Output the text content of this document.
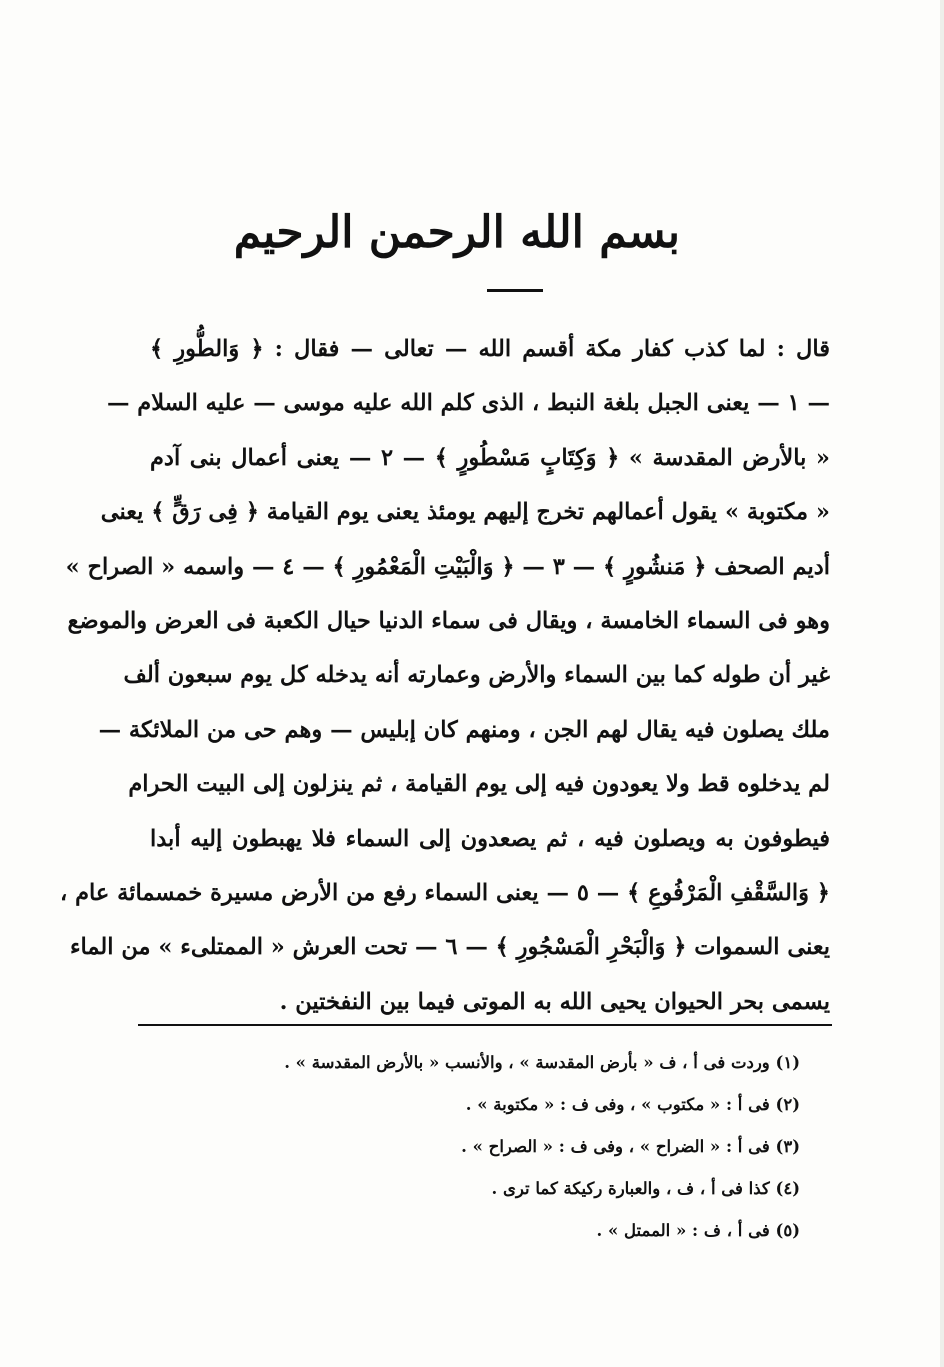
بسم الله الرحمن الرحيم
قال : لما كذب كفار مكة أقسم الله — تعالى — فقال : ﴿ وَالطُّورِ ﴾
— ١ — يعنى الجبل بلغة النبط ، الذى كلم الله عليه موسى — عليه السلام —
« بالأرض المقدسة » ﴿ وَكِتَابٍ مَسْطُورٍ ﴾ — ٢ — يعنى أعمال بنى آدم
« مكتوبة » يقول أعمالهم تخرج إليهم يومئذ يعنى يوم القيامة ﴿ فِى رَقٍّ ﴾ يعنى
أديم الصحف ﴿ مَنشُورٍ ﴾ — ٣ — ﴿ وَالْبَيْتِ الْمَعْمُورِ ﴾ — ٤ — واسمه « الصراح »
وهو فى السماء الخامسة ، ويقال فى سماء الدنيا حيال الكعبة فى العرض والموضع
غير أن طوله كما بين السماء والأرض وعمارته أنه يدخله كل يوم سبعون ألف
ملك يصلون فيه يقال لهم الجن ، ومنهم كان إبليس — وهم حى من الملائكة —
لم يدخلوه قط ولا يعودون فيه إلى يوم القيامة ، ثم ينزلون إلى البيت الحرام
فيطوفون به ويصلون فيه ، ثم يصعدون إلى السماء فلا يهبطون إليه أبدا
﴿ وَالسَّقْفِ الْمَرْفُوعِ ﴾ — ٥ — يعنى السماء رفع من الأرض مسيرة خمسمائة عام ،
يعنى السموات ﴿ وَالْبَحْرِ الْمَسْجُورِ ﴾ — ٦ — تحت العرش « الممتلىء » من الماء
يسمى بحر الحيوان يحيى الله به الموتى فيما بين النفختين .
(١) وردت فى أ ، ف « بأرض المقدسة » ، والأنسب « بالأرض المقدسة » .
(٢) فى أ : « مكتوب » ، وفى ف : « مكتوبة » .
(٣) فى أ : « الضراح » ، وفى ف : « الصراح » .
(٤) كذا فى أ ، ف ، والعبارة ركيكة كما ترى .
(٥) فى أ ، ف : « الممتل » .
